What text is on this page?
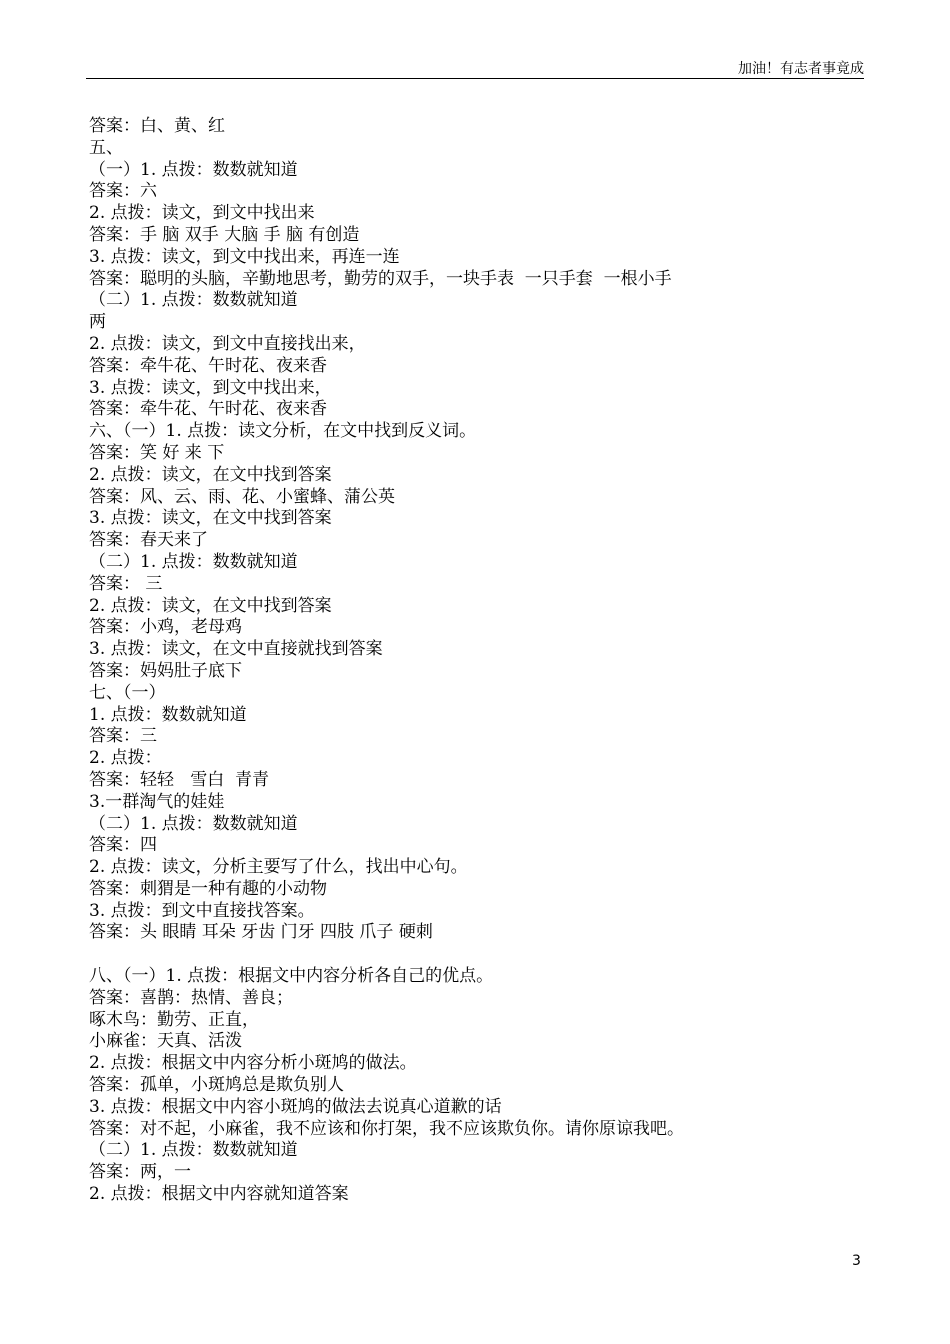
加油！有志者事竟成
答案：白、黄、红
五、
（一）1. 点拨：数数就知道
答案：六
2. 点拨：读文，到文中找出来
答案：手 脑 双手 大脑 手 脑 有创造
3. 点拨：读文，到文中找出来，再连一连
答案：聪明的头脑，辛勤地思考，勤劳的双手，一块手表  一只手套  一根小手
（二）1. 点拨：数数就知道
两
2. 点拨：读文，到文中直接找出来，
答案：牵牛花、午时花、夜来香
3. 点拨：读文，到文中找出来，
答案：牵牛花、午时花、夜来香
六、（一）1. 点拨：读文分析，在文中找到反义词。
答案：笑 好 来 下
2. 点拨：读文，在文中找到答案
答案：风、云、雨、花、小蜜蜂、蒲公英
3. 点拨：读文，在文中找到答案
答案：春天来了
（二）1. 点拨：数数就知道
答案： 三
2. 点拨：读文，在文中找到答案
答案：小鸡，老母鸡
3. 点拨：读文，在文中直接就找到答案
答案：妈妈肚子底下
七、（一）
1. 点拨：数数就知道
答案：三
2. 点拨：
答案：轻轻   雪白  青青
3.一群淘气的娃娃
（二）1. 点拨：数数就知道
答案：四
2. 点拨：读文，分析主要写了什么，找出中心句。
答案：刺猬是一种有趣的小动物
3. 点拨：到文中直接找答案。
答案：头 眼睛 耳朵 牙齿 门牙 四肢 爪子 硬刺
八、（一）1. 点拨：根据文中内容分析各自己的优点。
答案：喜鹊：热情、善良；
啄木鸟：勤劳、正直，
小麻雀：天真、活泼
2. 点拨：根据文中内容分析小斑鸠的做法。
答案：孤单，小斑鸠总是欺负别人
3. 点拨：根据文中内容小斑鸠的做法去说真心道歉的话
答案：对不起，小麻雀，我不应该和你打架，我不应该欺负你。请你原谅我吧。
（二）1. 点拨：数数就知道
答案：两，一
2. 点拨：根据文中内容就知道答案
3
